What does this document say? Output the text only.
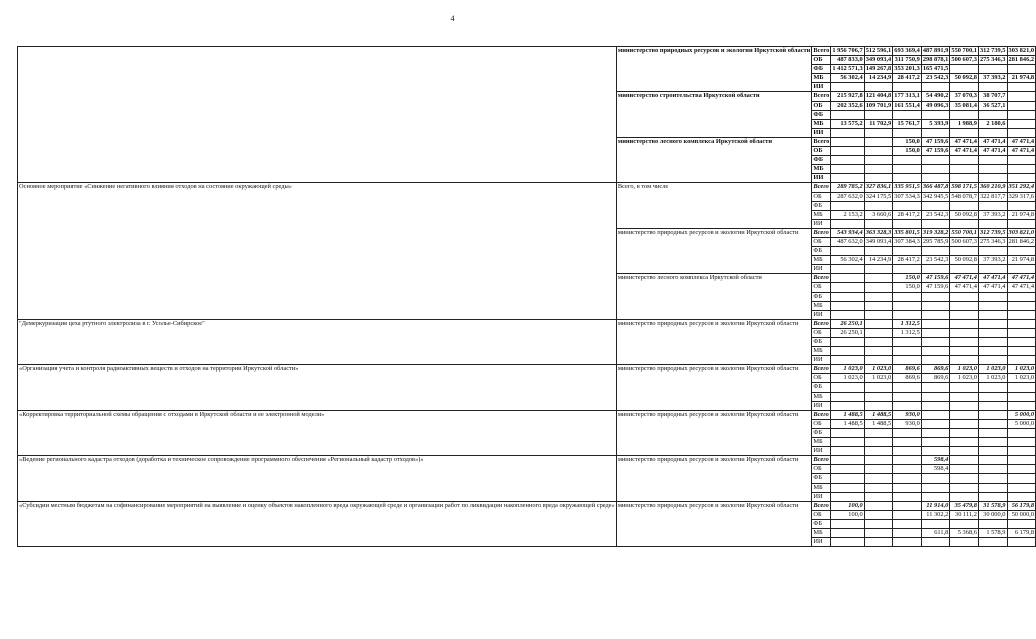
4
	министерство природных ресурсов и экологии Иркутской области	Всего	1 956 706,7	512 596,1	693 369,4	487 891,9	550 700,1	312 739,5	303 821,0
		ОБ	487 833,0	349 093,4	311 750,9	298 878,1	500 607,3	275 346,3	281 846,2
		ФБ	1 412 571,3	149 267,8	353 201,3	165 471,5			
		МБ	56 302,4	14 234,9	28 417,2	23 542,3	50 092,8	37 393,2	21 974,8
		ИИ							
	министерство строительства Иркутской области	Всего	215 927,8	121 404,8	177 313,1	54 490,2	37 070,3	38 707,7	
		ОБ	202 352,6	109 701,9	161 551,4	49 096,3	35 081,4	36 527,1	
		ФБ							
		МБ	13 575,2	11 702,9	15 761,7	5 393,9	1 988,9	2 180,6	
		ИИ							
	министерство лесного комплекса Иркутской области	Всего			150,0	47 159,6	47 471,4	47 471,4	47 471,4
		ОБ			150,0	47 159,6	47 471,4	47 471,4	47 471,4
		ФБ							
		МБ							
		ИИ							
Основное мероприятие «Снижение негативного влияния отходов на состояние окружающей среды»	Всего, в том числе	Всего	289 785,2	327 836,1	335 951,5	366 487,8	598 171,5	360 210,9	351 292,4
		ОБ	287 632,0	324 175,5	307 534,3	342 945,5	548 078,7	322 817,7	329 317,6
		ФБ							
		МБ	2 153,2	3 660,6	28 417,2	23 542,3	50 092,8	37 393,2	21 974,8
		ИИ							
	министерство природных ресурсов и экологии Иркутской области	Всего	543 934,4	363 328,3	335 801,5	319 328,2	550 700,1	312 739,5	303 821,0
		ОБ	487 632,0	349 093,4	307 384,3	295 785,9	500 607,3	275 346,3	281 846,2
		ФБ							
		МБ	56 302,4	14 234,9	28 417,2	23 542,3	50 092,8	37 393,2	21 974,8
		ИИ							
	министерство лесного комплекса Иркутской области	Всего			150,0	47 159,6	47 471,4	47 471,4	47 471,4
		ОБ			150,0	47 159,6	47 471,4	47 471,4	47 471,4
		ФБ							
		МБ							
		ИИ							
"Демеркуризация цеха ртутного электролиза в г. Усолье-Сибирское"	министерство природных ресурсов и экологии Иркутской области	Всего	26 250,1		1 312,5				
		ОБ	26 250,1		1 312,5				
		ФБ							
		МБ							
		ИИ							
«Организация учета и контроля радиоактивных веществ и отходов на территории Иркутской области»	министерство природных ресурсов и экологии Иркутской области	Всего	1 023,0	1 023,0	869,6	869,6	1 023,0	1 023,0	1 023,0
		ОБ	1 023,0	1 023,0	869,6	869,6	1 023,0	1 023,0	1 023,0
		ФБ							
		МБ							
		ИИ							
«Корректировка территориальной схемы обращения с отходами в Иркутской области и ее электронной модели»	министерство природных ресурсов и экологии Иркутской области	Всего	1 488,5	1 488,5	930,0				5 000,0
		ОБ	1 488,5	1 488,5	930,0				5 000,0
		ФБ							
		МБ							
		ИИ							
«Ведение регионального кадастра отходов (доработка и техническое сопровождение программного обеспечения «Региональный кадастр отходов»)»	министерство природных ресурсов и экологии Иркутской области	Всего				598,4			
		ОБ				598,4			
		ФБ							
		МБ							
		ИИ							
«Субсидии местным бюджетам на софинансирование мероприятий на выявление и оценку объектов накопленного вреда окружающей среде и организации работ по ликвидации накопленного вреда окружающей среде»	министерство природных ресурсов и экологии Иркутской области	Всего	100,0			11 914,0	35 479,8	31 578,9	56 179,8
		ОБ	100,0			11 302,2	30 111,2	30 000,0	50 000,0
		ФБ							
		МБ				611,8	5 368,6	1 578,9	6 179,8
		ИИ							
